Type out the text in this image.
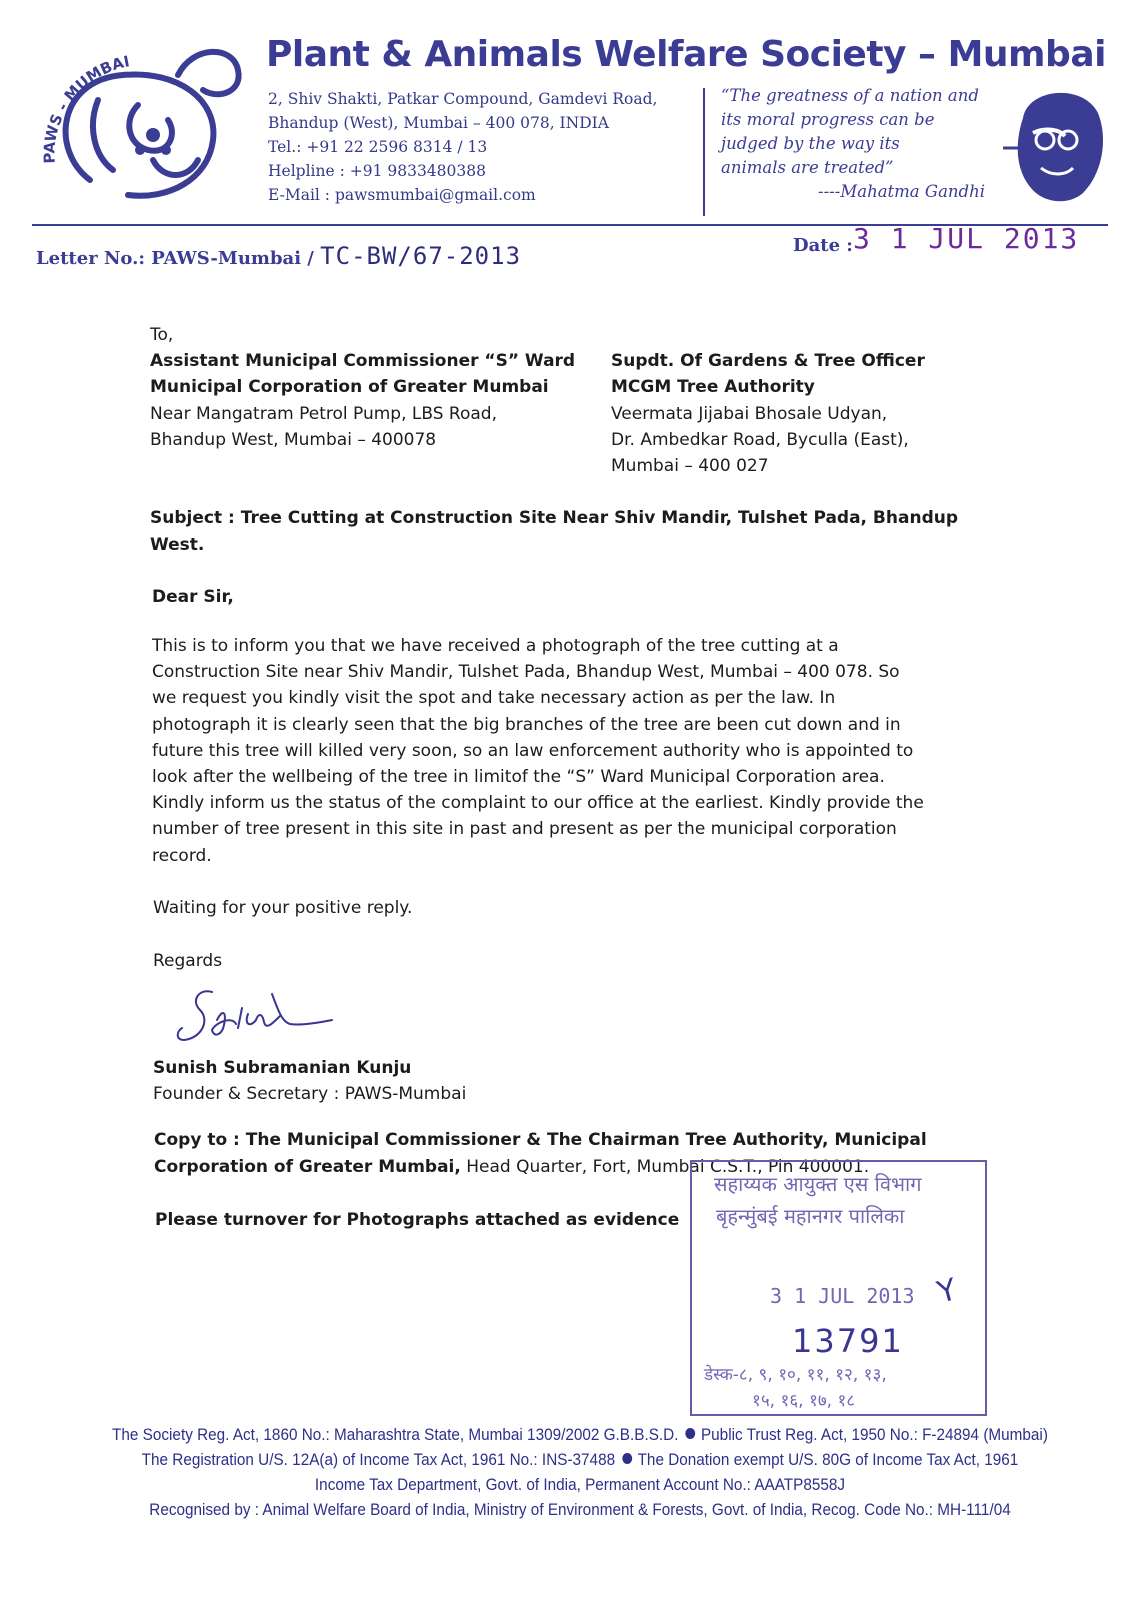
PAWS - MUMBAI	Plant & Animals Welfare Society – Mumbai
2, Shiv Shakti, Patkar Compound, Gamdevi Road,
Bhandup (West), Mumbai – 400 078, INDIA
Tel.: +91 22 2596 8314 / 13
Helpline : +91 9833480388
E-Mail : pawsmumbai@gmail.com
“The greatness of a nation and
its moral progress can be
judged by the way its
animals are treated”
----Mahatma Gandhi
Letter No.: PAWS-Mumbai / TC-BW/67-2013	Date : 3 1 JUL 2013
To,
Assistant Municipal Commissioner “S” Ward
Municipal Corporation of Greater Mumbai
Near Mangatram Petrol Pump, LBS Road,
Bhandup West, Mumbai – 400078
Supdt. Of Gardens & Tree Officer
MCGM Tree Authority
Veermata Jijabai Bhosale Udyan,
Dr. Ambedkar Road, Byculla (East),
Mumbai – 400 027
Subject : Tree Cutting at Construction Site Near Shiv Mandir, Tulshet Pada, Bhandup
West.
Dear Sir,
This is to inform you that we have received a photograph of the tree cutting at a
Construction Site near Shiv Mandir, Tulshet Pada, Bhandup West, Mumbai – 400 078. So
we request you kindly visit the spot and take necessary action as per the law. In
photograph it is clearly seen that the big branches of the tree are been cut down and in
future this tree will killed very soon, so an law enforcement authority who is appointed to
look after the wellbeing of the tree in limitof the “S” Ward Municipal Corporation area.
Kindly inform us the status of the complaint to our office at the earliest. Kindly provide the
number of tree present in this site in past and present as per the municipal corporation
record.
Waiting for your positive reply.
Regards
Sunish Subramanian Kunju
Founder & Secretary : PAWS-Mumbai
Copy to : The Municipal Commissioner & The Chairman Tree Authority, Municipal
Corporation of Greater Mumbai, Head Quarter, Fort, Mumbai C.S.T., Pin 400001.
Please turnover for Photographs attached as evidence
सहाय्यक आयुक्त एस विभाग
बृहन्मुंबई महानगर पालिका
3 1 JUL 2013 Y
13791
डेस्क-८, ९, १०, ११, १२, १३,
१५, १६, १७, १८
The Society Reg. Act, 1860 No.: Maharashtra State, Mumbai 1309/2002 G.B.B.S.D. Public Trust Reg. Act, 1950 No.: F-24894 (Mumbai)
The Registration U/S. 12A(a) of Income Tax Act, 1961 No.: INS-37488 The Donation exempt U/S. 80G of Income Tax Act, 1961
Income Tax Department, Govt. of India, Permanent Account No.: AAATP8558J
Recognised by : Animal Welfare Board of India, Ministry of Environment & Forests, Govt. of India, Recog. Code No.: MH-111/04
